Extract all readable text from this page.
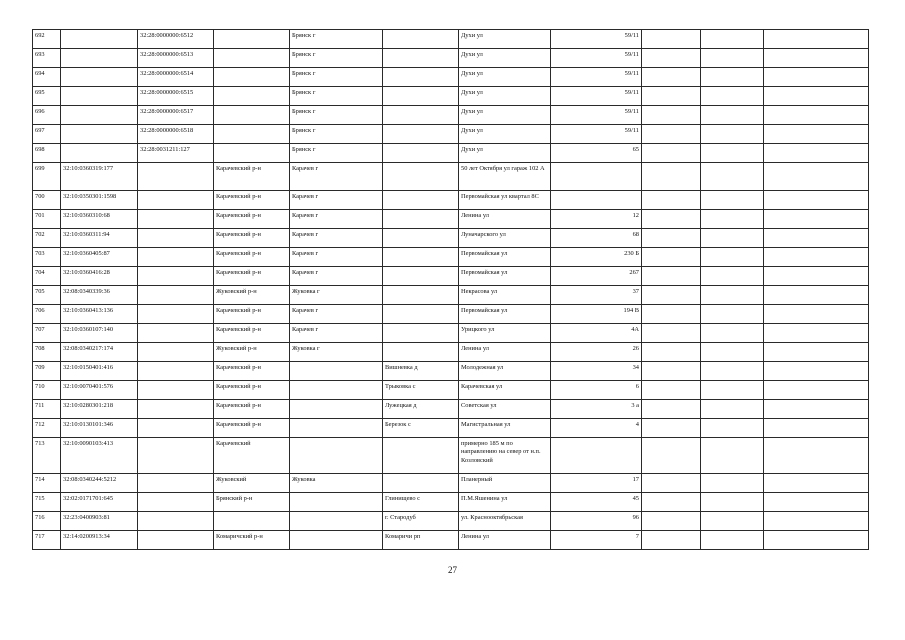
692		32:28:0000000:6512		Брянск г		Духи ул	59/11			
693		32:28:0000000:6513		Брянск г		Духи ул	59/11			
694		32:28:0000000:6514		Брянск г		Духи ул	59/11			
695		32:28:0000000:6515		Брянск г		Духи ул	59/11			
696		32:28:0000000:6517		Брянск г		Духи ул	59/11			
697		32:28:0000000:6518		Брянск г		Духи ул	59/11			
698		32:28:0031211:127		Брянск г		Духи ул	65			
699	32:10:0360319:177		Карачевский р-н	Карачев г		50 лет Октября ул гараж 102 А				
700	32:10:0350301:1598		Карачевский р-н	Карачев г		Первомайская ул квартал 8С				
701	32:10:0360310:68		Карачевский р-н	Карачев г		Ленина ул	12			
702	32:10:0360311:94		Карачевский р-н	Карачев г		Луначарского ул	68			
703	32:10:0360405:87		Карачевский р-н	Карачев г		Первомайская ул	230 Б			
704	32:10:0360416:28		Карачевский р-н	Карачев г		Первомайская ул	267			
705	32:08:0340339:36		Жуковский р-н	Жуковка г		Некрасова ул	37			
706	32:10:0360413:136		Карачевский р-н	Карачев г		Первомайская ул	194 В			
707	32:10:0360107:140		Карачевский р-н	Карачев г		Урицкого ул	4А			
708	32:08:0340217:174		Жуковский р-н	Жуковка г		Ленина ул	26			
709	32:10:0150401:416		Карачевский р-н		Вишневка д	Молодежная ул	34			
710	32:10:0070401:576		Карачевский р-н		Трыковка с	Карачевская ул	6			
711	32:10:0280301:218		Карачевский р-н		Лужецкая д	Советская ул	3 а			
712	32:10:0130101:346		Карачевский р-н		Березок с	Магистральная ул	4			
713	32:10:0090103:413		Карачевский			примерно 185 м по направлению на север от н.п. Козловский				
714	32:08:0340244:5212		Жуковский	Жуковка		Планерный	17			
715	32:02:0171701:645		Брянский р-н		Глинищево с	П.М.Яшенина ул	45			
716	32:23:0400903:81				г. Стародуб	ул. Краснооктябрьская	96			
717	32:14:0200913:34		Комаричский р-н		Комаричи рп	Ленина ул	7			
27
